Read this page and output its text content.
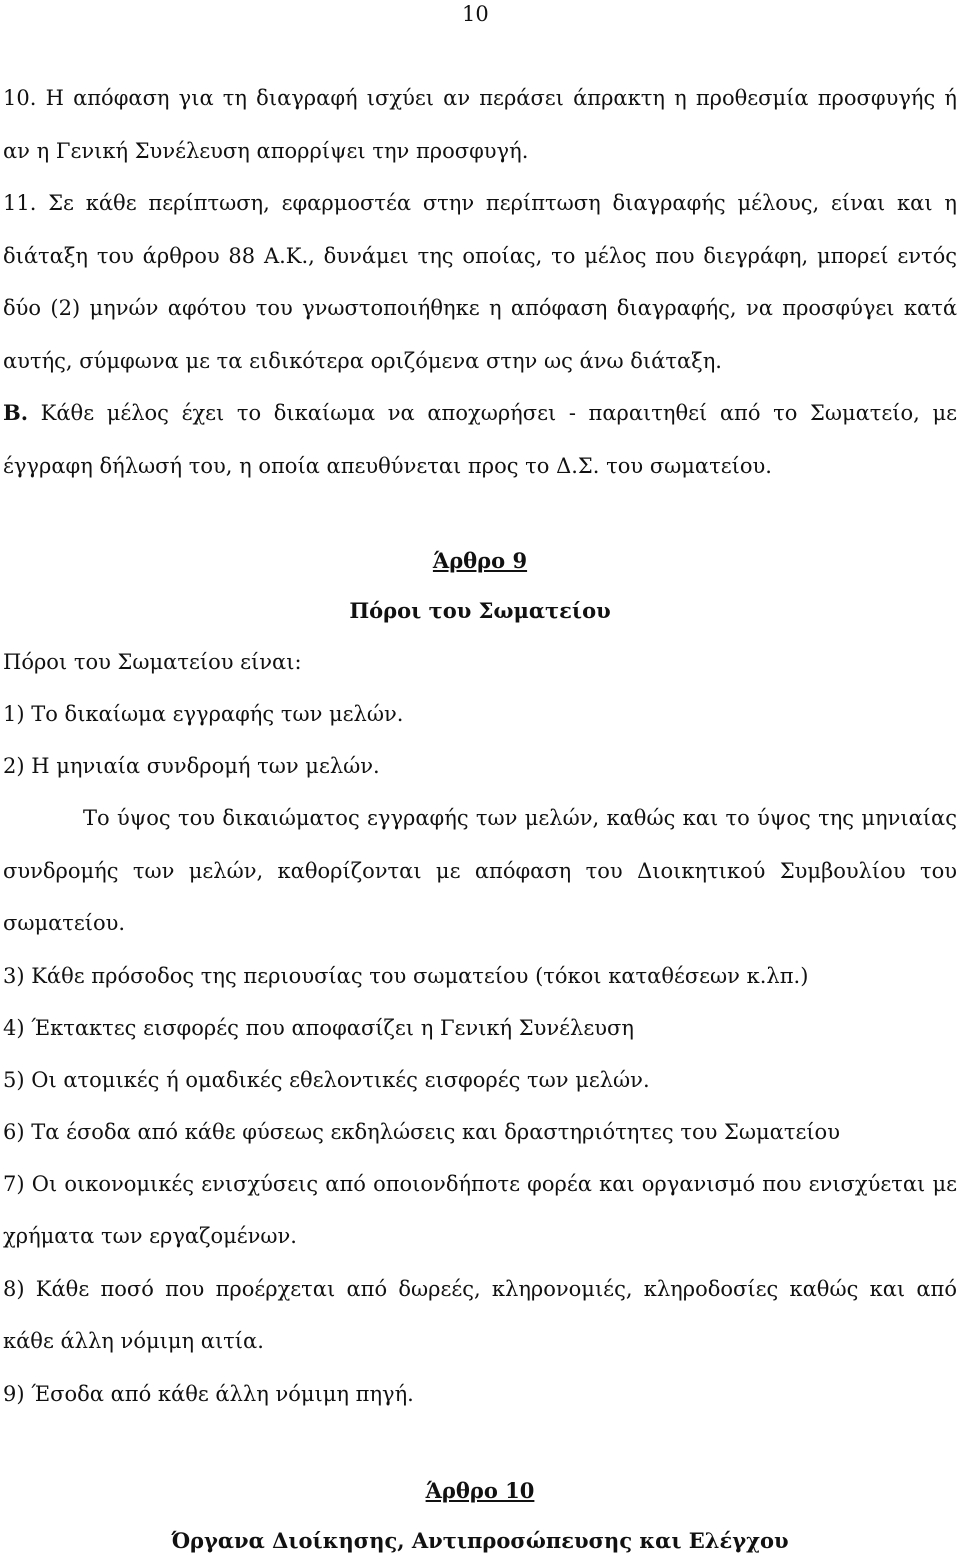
10

10. Η απόφαση για τη διαγραφή ισχύει αν περάσει άπρακτη η προθεσμία προσφυγής ή αν η Γενική Συνέλευση απορρίψει την προσφυγή.

11. Σε κάθε περίπτωση, εφαρμοστέα στην περίπτωση διαγραφής μέλους, είναι και η διάταξη του άρθρου 88 Α.Κ., δυνάμει της οποίας, το μέλος που διεγράφη, μπορεί εντός δύο (2) μηνών αφότου του γνωστοποιήθηκε η απόφαση διαγραφής, να προσφύγει κατά αυτής, σύμφωνα με τα ειδικότερα οριζόμενα στην ως άνω διάταξη.

Β. Κάθε μέλος έχει το δικαίωμα να αποχωρήσει - παραιτηθεί από το Σωματείο, με έγγραφη δήλωσή του, η οποία απευθύνεται προς το Δ.Σ. του σωματείου.

Άρθρο 9

Πόροι του Σωματείου

Πόροι του Σωματείου είναι:

1) Το δικαίωμα εγγραφής των μελών.

2) Η μηνιαία συνδρομή των μελών.

Το ύψος του δικαιώματος εγγραφής των μελών, καθώς και το ύψος της μηνιαίας συνδρομής των μελών, καθορίζονται με απόφαση του Διοικητικού Συμβουλίου του σωματείου.

3) Κάθε πρόσοδος της περιουσίας του σωματείου (τόκοι καταθέσεων κ.λπ.)

4) Έκτακτες εισφορές που αποφασίζει η Γενική Συνέλευση

5) Οι ατομικές ή ομαδικές εθελοντικές εισφορές των μελών.

6) Τα έσοδα από κάθε φύσεως εκδηλώσεις και δραστηριότητες του Σωματείου

7) Οι οικονομικές ενισχύσεις από οποιονδήποτε φορέα και οργανισμό που ενισχύεται με χρήματα των εργαζομένων.

8) Κάθε ποσό που προέρχεται από δωρεές, κληρονομιές, κληροδοσίες καθώς και από κάθε άλλη νόμιμη αιτία.

9) Έσοδα από κάθε άλλη νόμιμη πηγή.

Άρθρο 10

Όργανα Διοίκησης, Αντιπροσώπευσης και Ελέγχου
